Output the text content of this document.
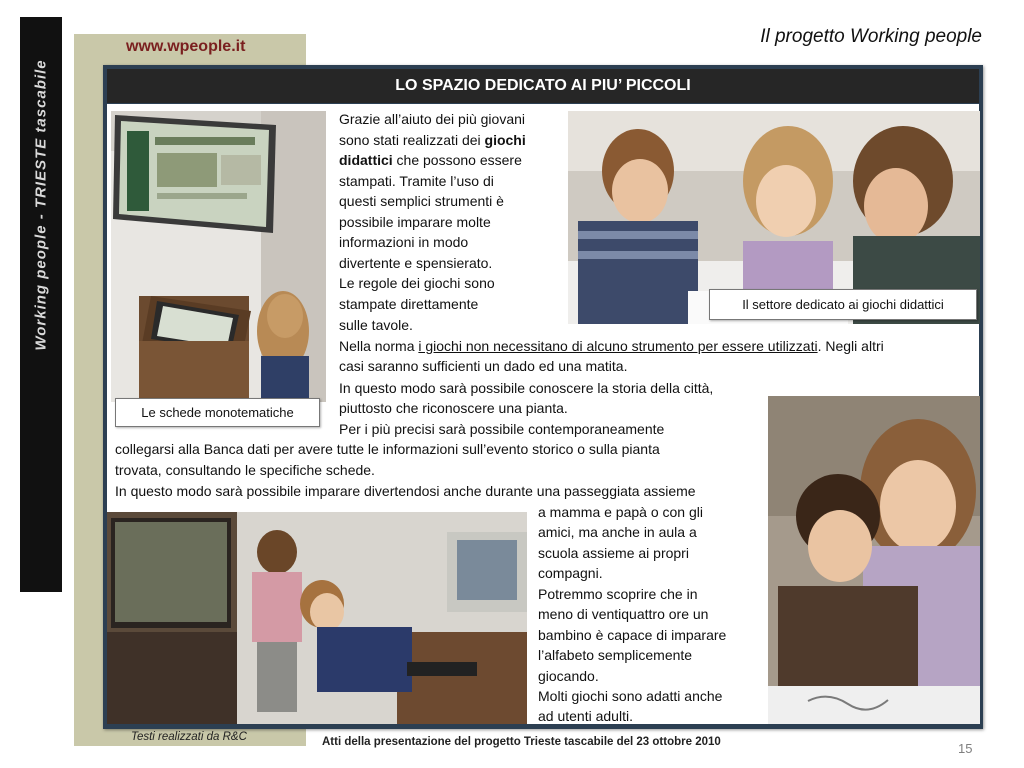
Working people - TRIESTE tascabile
www.wpeople.it	Il progetto Working people
LO SPAZIO DEDICATO AI PIU’ PICCOLI
Le schede monotematiche
Il settore dedicato ai giochi didattici
Grazie all’aiuto dei più giovani
sono stati realizzati dei giochi
didattici che possono essere
stampati. Tramite l’uso di
questi semplici strumenti è
possibile imparare molte
informazioni in modo
divertente e spensierato.
Le regole dei giochi sono
stampate direttamente
sulle tavole.
Nella norma i giochi non necessitano di alcuno strumento per essere utilizzati. Negli altri
casi saranno sufficienti un dado ed una matita.
In questo modo sarà possibile conoscere la storia della città,
piuttosto che riconoscere una pianta.
Per i più precisi sarà possibile contemporaneamente
collegarsi alla Banca dati per avere tutte le informazioni sull’evento storico o sulla pianta
trovata, consultando le specifiche schede.
In questo modo sarà possibile imparare divertendosi anche durante una passeggiata assieme
a mamma e papà o con gli
amici, ma anche in aula a
scuola assieme ai propri
compagni.
Potremmo scoprire che in
meno di ventiquattro ore un
bambino è capace di imparare
l’alfabeto semplicemente
giocando.
Molti giochi sono adatti anche
ad utenti adulti.
Testi realizzati da R&C	Atti della presentazione del progetto Trieste tascabile del 23 ottobre 2010	15
